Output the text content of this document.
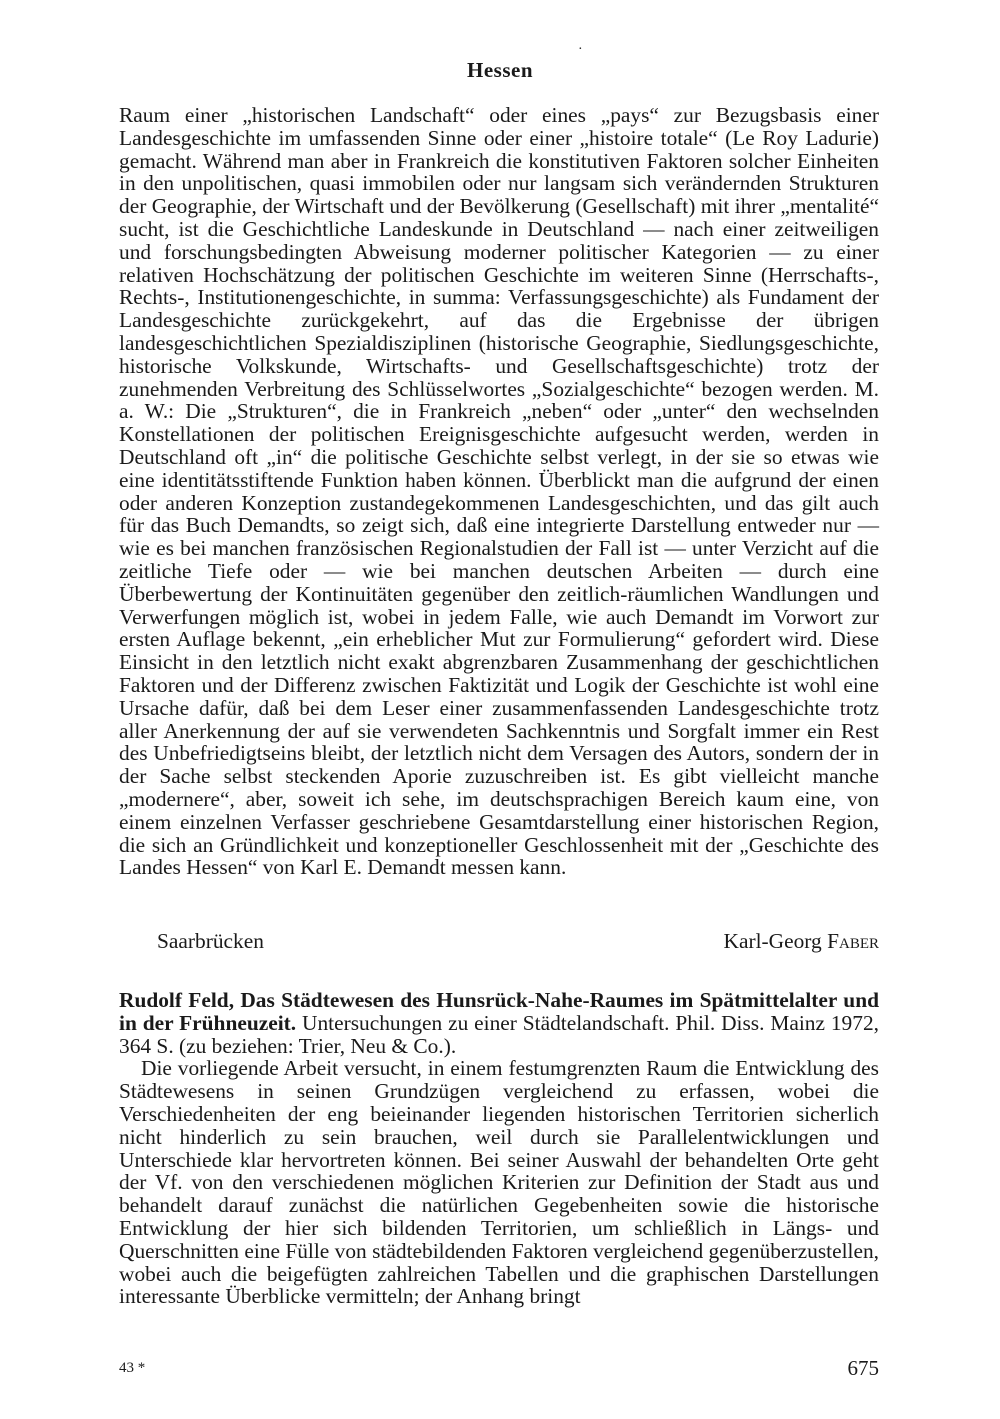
·
Hessen

Raum einer „historischen Landschaft“ oder eines „pays“ zur Bezugsbasis einer Landesgeschichte im umfassenden Sinne oder einer „histoire totale“ (Le Roy Ladurie) gemacht. Während man aber in Frankreich die konstitutiven Faktoren solcher Einheiten in den unpolitischen, quasi immobilen oder nur langsam sich verändernden Strukturen der Geographie, der Wirtschaft und der Bevölkerung (Gesellschaft) mit ihrer „mentalité“ sucht, ist die Geschichtliche Landeskunde in Deutschland — nach einer zeitweiligen und forschungsbedingten Abweisung moderner politischer Kategorien — zu einer relativen Hochschätzung der politischen Geschichte im weiteren Sinne (Herrschafts-, Rechts-, Institutionengeschichte, in summa: Verfassungsgeschichte) als Fundament der Landesgeschichte zurückgekehrt, auf das die Ergebnisse der übrigen landesgeschichtlichen Spezialdisziplinen (historische Geographie, Siedlungsgeschichte, historische Volkskunde, Wirtschafts- und Gesellschaftsgeschichte) trotz der zunehmenden Verbreitung des Schlüsselwortes „Sozialgeschichte“ bezogen werden. M. a. W.: Die „Strukturen“, die in Frankreich „neben“ oder „unter“ den wechselnden Konstellationen der politischen Ereignisgeschichte aufgesucht werden, werden in Deutschland oft „in“ die politische Geschichte selbst verlegt, in der sie so etwas wie eine identitätsstiftende Funktion haben können. Überblickt man die aufgrund der einen oder anderen Konzeption zustandegekommenen Landesgeschichten, und das gilt auch für das Buch Demandts, so zeigt sich, daß eine integrierte Darstellung entweder nur — wie es bei manchen französischen Regionalstudien der Fall ist — unter Verzicht auf die zeitliche Tiefe oder — wie bei manchen deutschen Arbeiten — durch eine Überbewertung der Kontinuitäten gegenüber den zeitlich-räumlichen Wandlungen und Verwerfungen möglich ist, wobei in jedem Falle, wie auch Demandt im Vorwort zur ersten Auflage bekennt, „ein erheblicher Mut zur Formulierung“ gefordert wird. Diese Einsicht in den letztlich nicht exakt abgrenzbaren Zusammenhang der geschichtlichen Faktoren und der Differenz zwischen Faktizität und Logik der Geschichte ist wohl eine Ursache dafür, daß bei dem Leser einer zusammenfassenden Landesgeschichte trotz aller Anerkennung der auf sie verwendeten Sachkenntnis und Sorgfalt immer ein Rest des Unbefriedigtseins bleibt, der letztlich nicht dem Versagen des Autors, sondern der in der Sache selbst steckenden Aporie zuzuschreiben ist. Es gibt vielleicht manche „modernere“, aber, soweit ich sehe, im deutschsprachigen Bereich kaum eine, von einem einzelnen Verfasser geschriebene Gesamtdarstellung einer historischen Region, die sich an Gründlichkeit und konzeptioneller Geschlossenheit mit der „Geschichte des Landes Hessen“ von Karl E. Demandt messen kann.

Saarbrücken	Karl-Georg Faber

Rudolf Feld, Das Städtewesen des Hunsrück-Nahe-Raumes im Spätmittelalter und in der Frühneuzeit. Untersuchungen zu einer Städtelandschaft. Phil. Diss. Mainz 1972, 364 S. (zu beziehen: Trier, Neu & Co.).

Die vorliegende Arbeit versucht, in einem festumgrenzten Raum die Entwicklung des Städtewesens in seinen Grundzügen vergleichend zu erfassen, wobei die Verschiedenheiten der eng beieinander liegenden historischen Territorien sicherlich nicht hinderlich zu sein brauchen, weil durch sie Parallelentwicklungen und Unterschiede klar hervortreten können. Bei seiner Auswahl der behandelten Orte geht der Vf. von den verschiedenen möglichen Kriterien zur Definition der Stadt aus und behandelt darauf zunächst die natürlichen Gegebenheiten sowie die historische Entwicklung der hier sich bildenden Territorien, um schließlich in Längs- und Querschnitten eine Fülle von städtebildenden Faktoren vergleichend gegenüberzustellen, wobei auch die beigefügten zahlreichen Tabellen und die graphischen Darstellungen interessante Überblicke vermitteln; der Anhang bringt

43 *	675
